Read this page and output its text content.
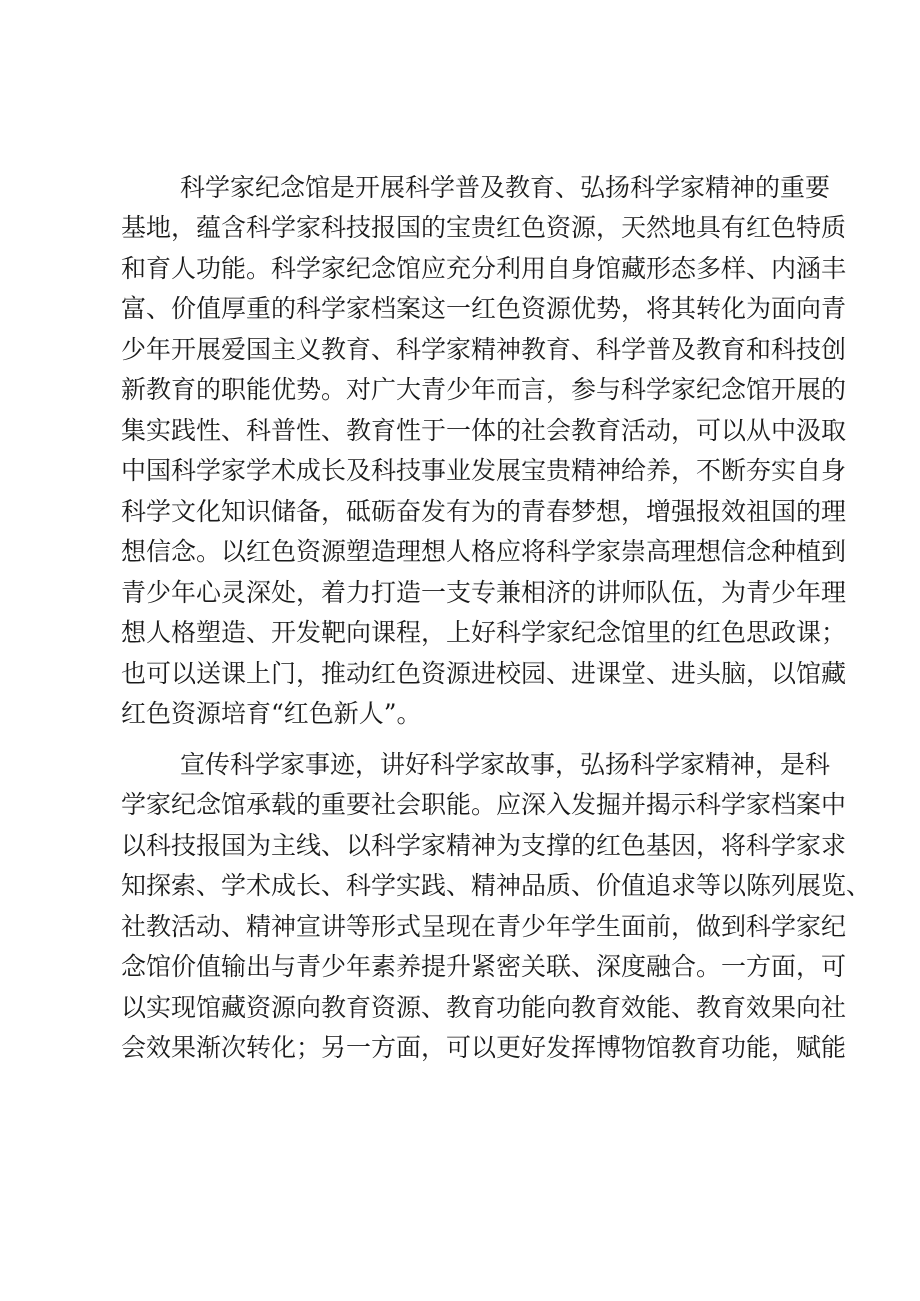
科学家纪念馆是开展科学普及教育、弘扬科学家精神的重要
基地，蕴含科学家科技报国的宝贵红色资源，天然地具有红色特质
和育人功能。科学家纪念馆应充分利用自身馆藏形态多样、内涵丰
富、价值厚重的科学家档案这一红色资源优势，将其转化为面向青
少年开展爱国主义教育、科学家精神教育、科学普及教育和科技创
新教育的职能优势。对广大青少年而言，参与科学家纪念馆开展的
集实践性、科普性、教育性于一体的社会教育活动，可以从中汲取
中国科学家学术成长及科技事业发展宝贵精神给养，不断夯实自身
科学文化知识储备，砥砺奋发有为的青春梦想，增强报效祖国的理
想信念。以红色资源塑造理想人格应将科学家崇高理想信念种植到
青少年心灵深处，着力打造一支专兼相济的讲师队伍，为青少年理
想人格塑造、开发靶向课程，上好科学家纪念馆里的红色思政课；
也可以送课上门，推动红色资源进校园、进课堂、进头脑，以馆藏
红色资源培育“红色新人”。
宣传科学家事迹，讲好科学家故事，弘扬科学家精神，是科
学家纪念馆承载的重要社会职能。应深入发掘并揭示科学家档案中
以科技报国为主线、以科学家精神为支撑的红色基因，将科学家求
知探索、学术成长、科学实践、精神品质、价值追求等以陈列展览、
社教活动、精神宣讲等形式呈现在青少年学生面前，做到科学家纪
念馆价值输出与青少年素养提升紧密关联、深度融合。一方面，可
以实现馆藏资源向教育资源、教育功能向教育效能、教育效果向社
会效果渐次转化；另一方面，可以更好发挥博物馆教育功能，赋能
